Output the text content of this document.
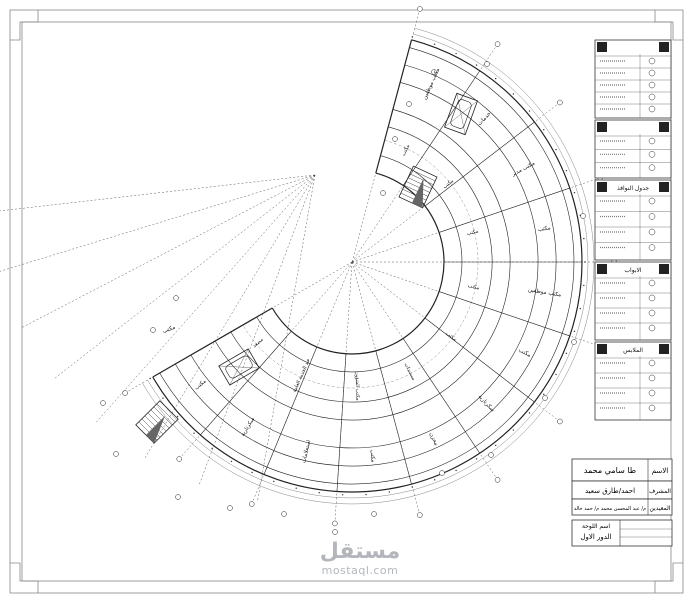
مكتب موظفين
خدمات
مكتب مدير
مكتب
مكتب موظفين
مكتب
سكرتارية
مخزن
مكتب
استعلامات
سكرتارية
مكتب
مكتب
مكتب
مكتب
مكتب
مكتب
مكتب
مستندات
مكتب الشؤون
عند الخدمة العامة
مصعد
جدول النوافذ
الابواب
الملابس
طا سامي محمد الاسم
احمد/طارق سعيد المشرف
م/ عبد المحسن محمد م/ حمد خالد المعيدين
اسم اللوحة
الدور الاول
مستقل
mostaql.com
